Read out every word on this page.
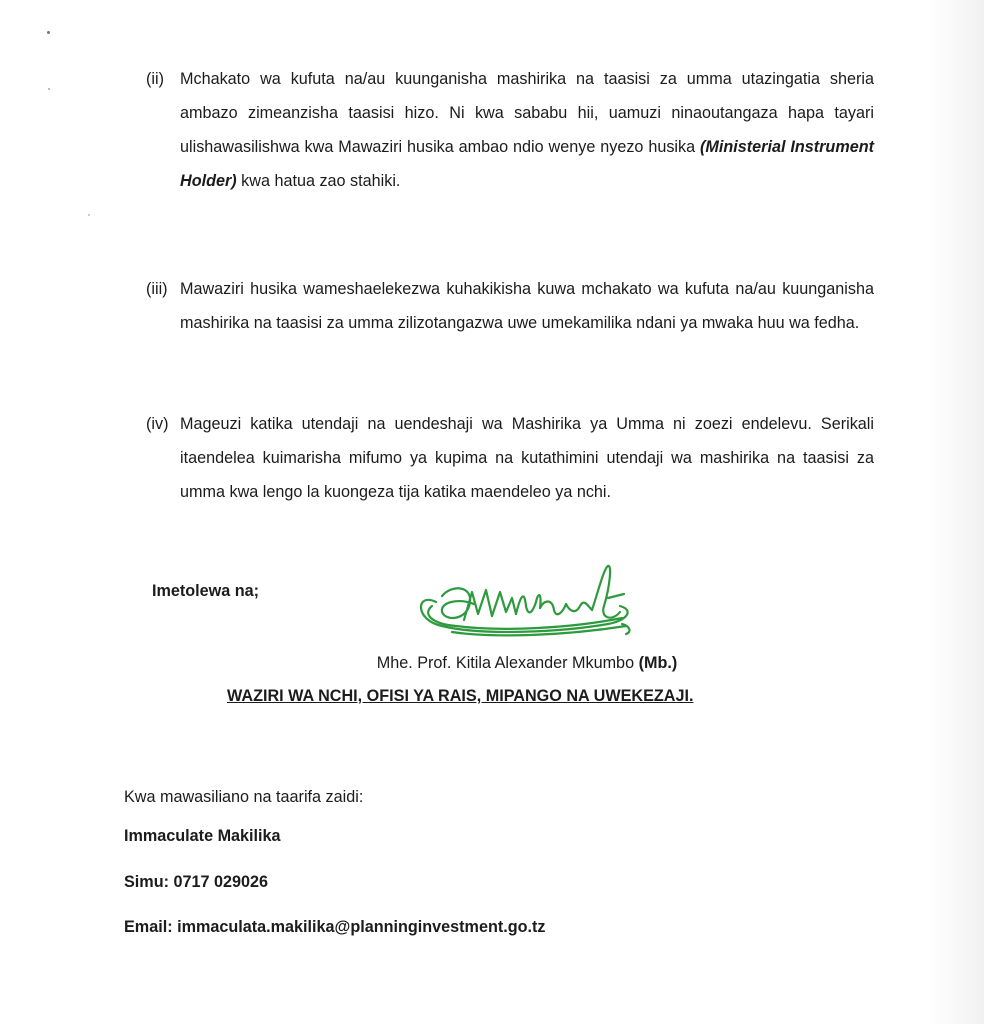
(ii) Mchakato wa kufuta na/au kuunganisha mashirika na taasisi za umma utazingatia sheria ambazo zimeanzisha taasisi hizo. Ni kwa sababu hii, uamuzi ninaoutangaza hapa tayari ulishawasilishwa kwa Mawaziri husika ambao ndio wenye nyezo husika (Ministerial Instrument Holder) kwa hatua zao stahiki.
(iii) Mawaziri husika wameshaelekezwa kuhakikisha kuwa mchakato wa kufuta na/au kuunganisha mashirika na taasisi za umma zilizotangazwa uwe umekamilika ndani ya mwaka huu wa fedha.
(iv) Mageuzi katika utendaji na uendeshaji wa Mashirika ya Umma ni zoezi endelevu. Serikali itaendelea kuimarisha mifumo ya kupima na kutathimini utendaji wa mashirika na taasisi za umma kwa lengo la kuongeza tija katika maendeleo ya nchi.
Imetolewa na;
Mhe. Prof. Kitila Alexander Mkumbo (Mb.)
WAZIRI WA NCHI, OFISI YA RAIS, MIPANGO NA UWEKEZAJI.
Kwa mawasiliano na taarifa zaidi:
Immaculate Makilika
Simu: 0717 029026
Email: immaculata.makilika@planninginvestment.go.tz
